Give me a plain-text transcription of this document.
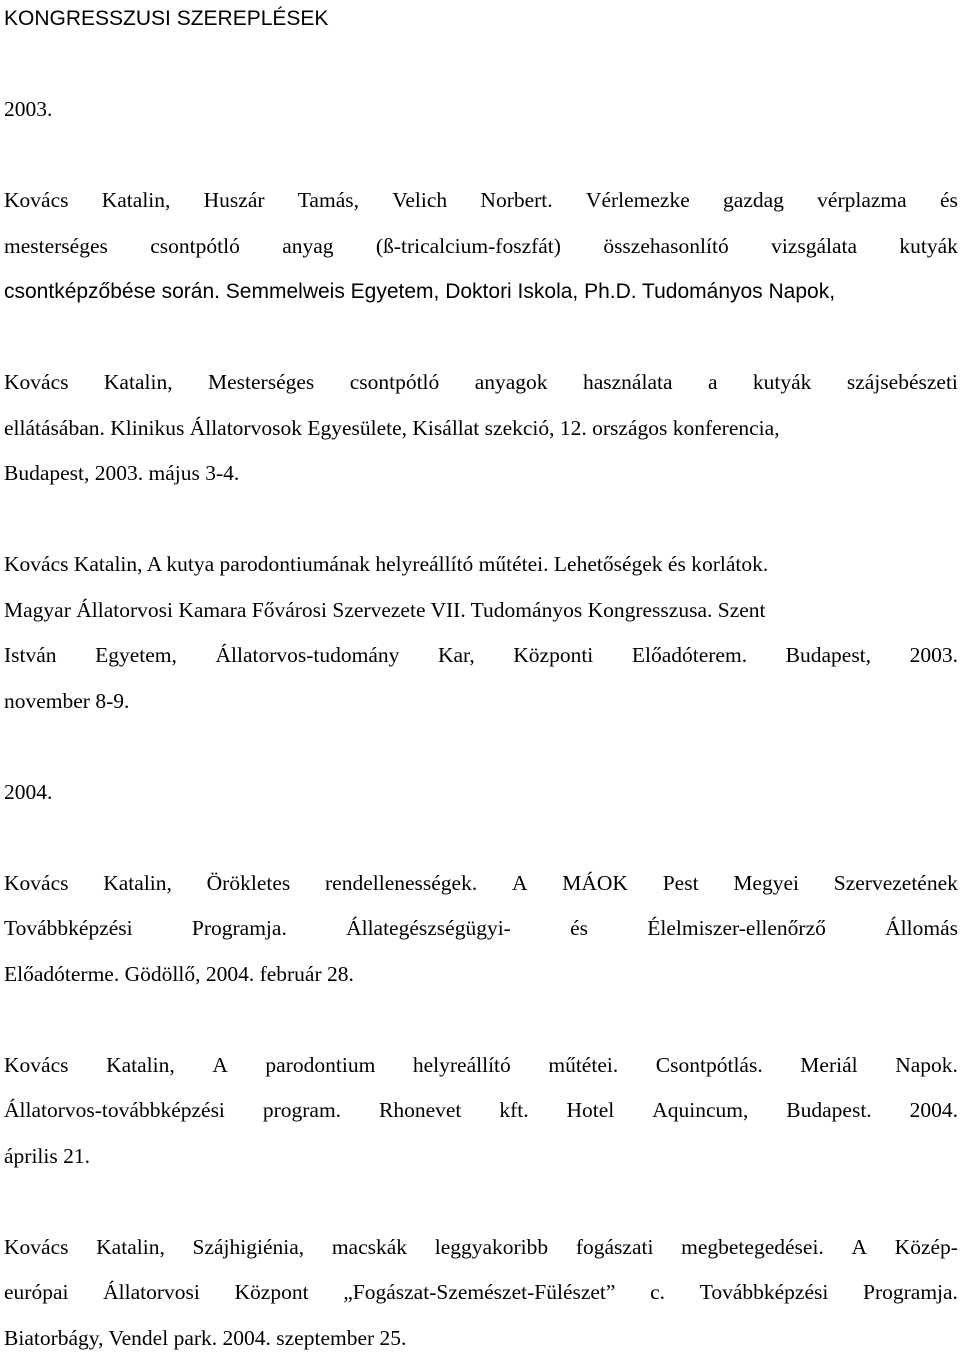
KONGRESSZUSI SZEREPLÉSEK
2003.
Kovács Katalin, Huszár Tamás, Velich Norbert. Vérlemezke gazdag vérplazma és
mesterséges csontpótló anyag (ß-tricalcium-foszfát) összehasonlító vizsgálata kutyák
csontképzőbése során. Semmelweis Egyetem, Doktori Iskola, Ph.D. Tudományos Napok,
Kovács Katalin, Mesterséges csontpótló anyagok használata a kutyák szájsebészeti
ellátásában. Klinikus Állatorvosok Egyesülete, Kisállat szekció, 12. országos konferencia,
Budapest, 2003. május 3-4.
Kovács Katalin, A kutya parodontiumának helyreállító műtétei. Lehetőségek és korlátok.
Magyar Állatorvosi Kamara Fővárosi Szervezete VII. Tudományos Kongresszusa. Szent
István Egyetem, Állatorvos-tudomány Kar, Központi Előadóterem. Budapest, 2003.
november 8-9.
2004.
Kovács Katalin, Örökletes rendellenességek. A MÁOK Pest Megyei Szervezetének
Továbbképzési	Programja.	Állategészségügyi-	és	Élelmiszer-ellenőrző	Állomás
Előadóterme. Gödöllő, 2004. február 28.
Kovács Katalin, A parodontium helyreállító műtétei. Csontpótlás. Meriál Napok.
Állatorvos-továbbképzési program. Rhonevet kft. Hotel Aquincum, Budapest. 2004.
április 21.
Kovács Katalin, Szájhigiénia, macskák leggyakoribb fogászati megbetegedései. A Közép-
európai Állatorvosi Központ „Fogászat-Szemészet-Fülészet” c. Továbbképzési Programja.
Biatorbágy, Vendel park. 2004. szeptember 25.
